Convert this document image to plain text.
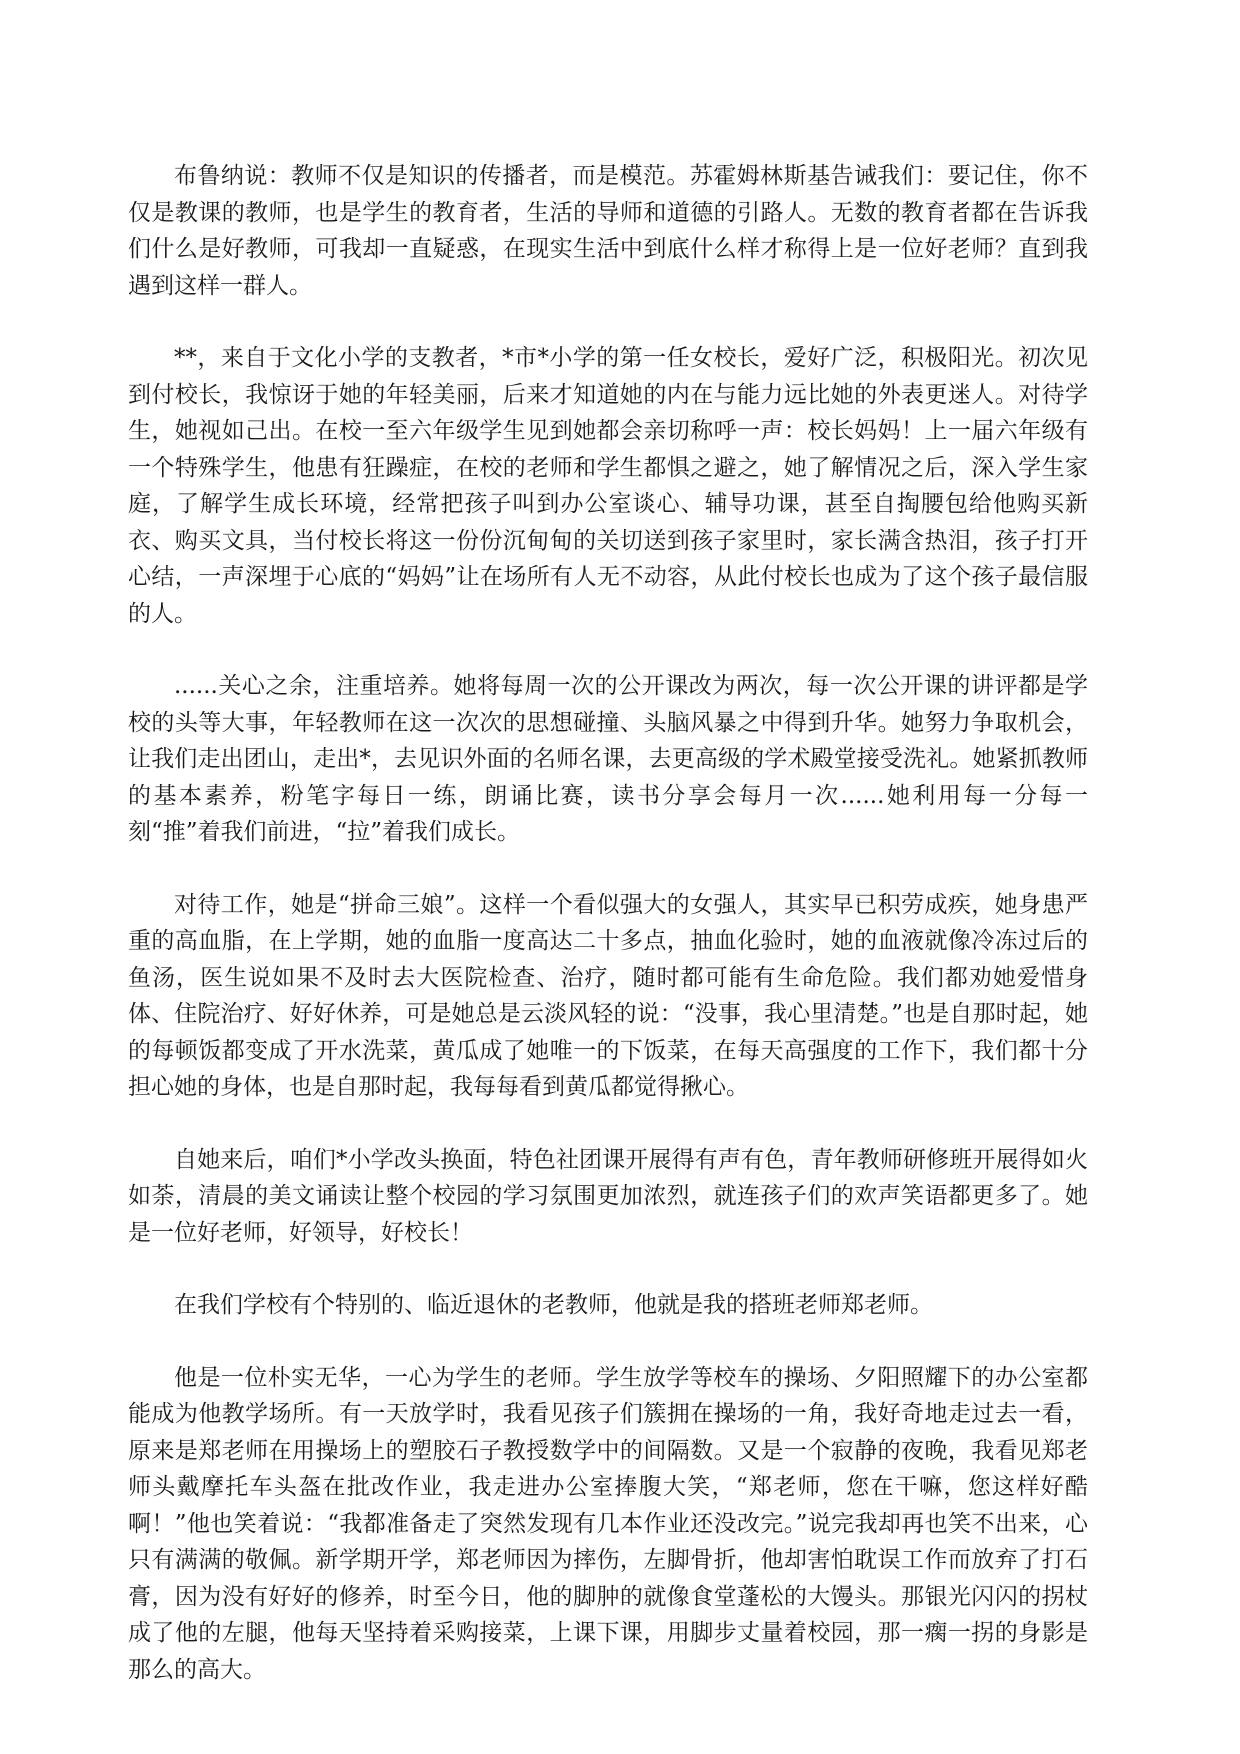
布鲁纳说：教师不仅是知识的传播者，而是模范。苏霍姆林斯基告诫我们：要记住，你不仅是教课的教师，也是学生的教育者，生活的导师和道德的引路人。无数的教育者都在告诉我们什么是好教师，可我却一直疑惑，在现实生活中到底什么样才称得上是一位好老师？直到我遇到这样一群人。

**，来自于文化小学的支教者，*市*小学的第一任女校长，爱好广泛，积极阳光。初次见到付校长，我惊讶于她的年轻美丽，后来才知道她的内在与能力远比她的外表更迷人。对待学生，她视如己出。在校一至六年级学生见到她都会亲切称呼一声：校长妈妈！上一届六年级有一个特殊学生，他患有狂躁症，在校的老师和学生都惧之避之，她了解情况之后，深入学生家庭，了解学生成长环境，经常把孩子叫到办公室谈心、辅导功课，甚至自掏腰包给他购买新衣、购买文具，当付校长将这一份份沉甸甸的关切送到孩子家里时，家长满含热泪，孩子打开心结，一声深埋于心底的“妈妈”让在场所有人无不动容，从此付校长也成为了这个孩子最信服的人。

......关心之余，注重培养。她将每周一次的公开课改为两次，每一次公开课的讲评都是学校的头等大事，年轻教师在这一次次的思想碰撞、头脑风暴之中得到升华。她努力争取机会，让我们走出团山，走出*，去见识外面的名师名课，去更高级的学术殿堂接受洗礼。她紧抓教师的基本素养，粉笔字每日一练，朗诵比赛，读书分享会每月一次......她利用每一分每一刻“推”着我们前进，“拉”着我们成长。

对待工作，她是“拼命三娘”。这样一个看似强大的女强人，其实早已积劳成疾，她身患严重的高血脂，在上学期，她的血脂一度高达二十多点，抽血化验时，她的血液就像冷冻过后的鱼汤，医生说如果不及时去大医院检查、治疗，随时都可能有生命危险。我们都劝她爱惜身体、住院治疗、好好休养，可是她总是云淡风轻的说：“没事，我心里清楚。”也是自那时起，她的每顿饭都变成了开水洗菜，黄瓜成了她唯一的下饭菜，在每天高强度的工作下，我们都十分担心她的身体，也是自那时起，我每每看到黄瓜都觉得揪心。

自她来后，咱们*小学改头换面，特色社团课开展得有声有色，青年教师研修班开展得如火如荼，清晨的美文诵读让整个校园的学习氛围更加浓烈，就连孩子们的欢声笑语都更多了。她是一位好老师，好领导，好校长！

在我们学校有个特别的、临近退休的老教师，他就是我的搭班老师郑老师。

他是一位朴实无华，一心为学生的老师。学生放学等校车的操场、夕阳照耀下的办公室都能成为他教学场所。有一天放学时，我看见孩子们簇拥在操场的一角，我好奇地走过去一看，原来是郑老师在用操场上的塑胶石子教授数学中的间隔数。又是一个寂静的夜晚，我看见郑老师头戴摩托车头盔在批改作业，我走进办公室捧腹大笑，“郑老师，您在干嘛，您这样好酷啊！”他也笑着说：“我都准备走了突然发现有几本作业还没改完。”说完我却再也笑不出来，心只有满满的敬佩。新学期开学，郑老师因为摔伤，左脚骨折，他却害怕耽误工作而放弃了打石膏，因为没有好好的修养，时至今日，他的脚肿的就像食堂蓬松的大馒头。那银光闪闪的拐杖成了他的左腿，他每天坚持着采购接菜，上课下课，用脚步丈量着校园，那一瘸一拐的身影是那么的高大。
